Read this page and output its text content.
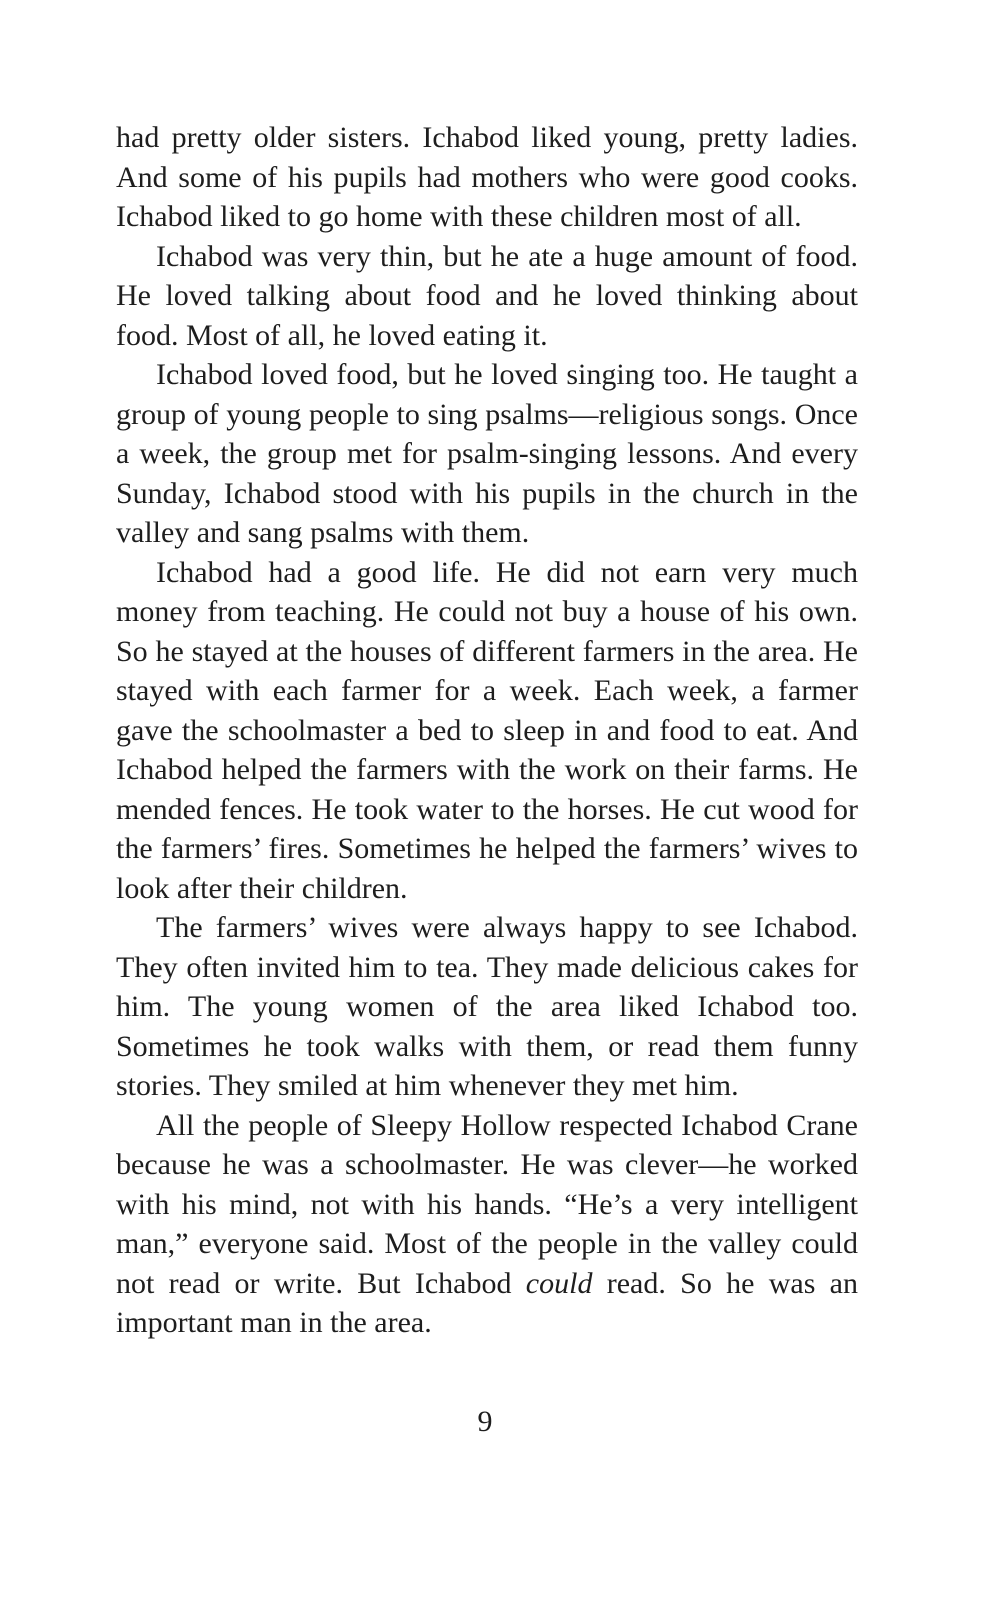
had pretty older sisters. Ichabod liked young, pretty ladies. And some of his pupils had mothers who were good cooks. Ichabod liked to go home with these children most of all.

Ichabod was very thin, but he ate a huge amount of food. He loved talking about food and he loved thinking about food. Most of all, he loved eating it.

Ichabod loved food, but he loved singing too. He taught a group of young people to sing psalms—religious songs. Once a week, the group met for psalm-singing lessons. And every Sunday, Ichabod stood with his pupils in the church in the valley and sang psalms with them.

Ichabod had a good life. He did not earn very much money from teaching. He could not buy a house of his own. So he stayed at the houses of different farmers in the area. He stayed with each farmer for a week. Each week, a farmer gave the schoolmaster a bed to sleep in and food to eat. And Ichabod helped the farmers with the work on their farms. He mended fences. He took water to the horses. He cut wood for the farmers’ fires. Sometimes he helped the farmers’ wives to look after their children.

The farmers’ wives were always happy to see Ichabod. They often invited him to tea. They made delicious cakes for him. The young women of the area liked Ichabod too. Sometimes he took walks with them, or read them funny stories. They smiled at him whenever they met him.

All the people of Sleepy Hollow respected Ichabod Crane because he was a schoolmaster. He was clever—he worked with his mind, not with his hands. “He’s a very intelligent man,” everyone said. Most of the people in the valley could not read or write. But Ichabod could read. So he was an important man in the area.

9
